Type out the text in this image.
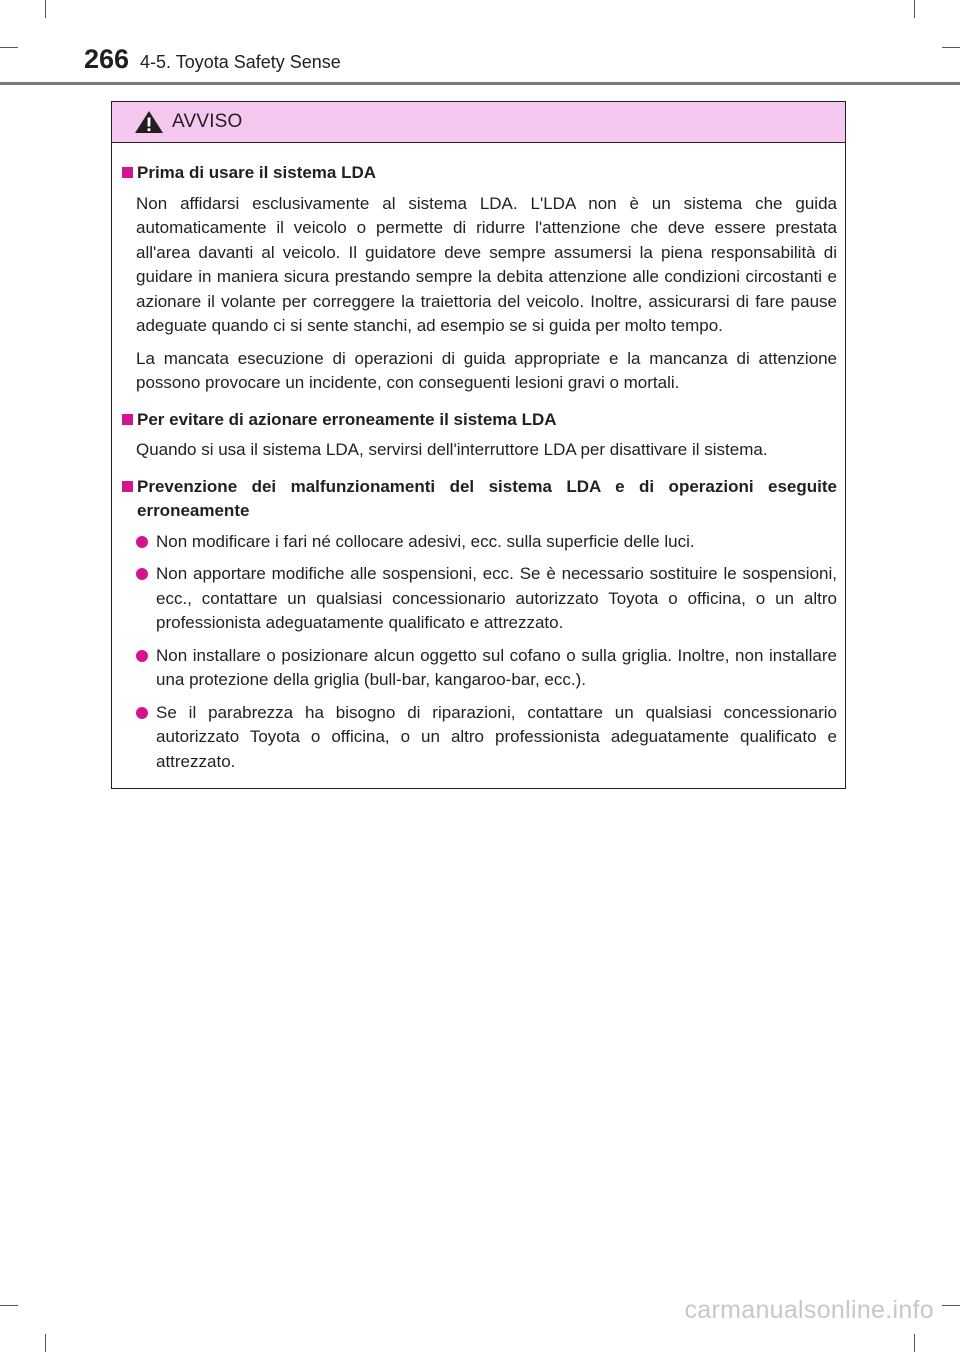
266 4-5. Toyota Safety Sense
AVVISO
Prima di usare il sistema LDA

Non affidarsi esclusivamente al sistema LDA. L'LDA non è un sistema che guida automaticamente il veicolo o permette di ridurre l'attenzione che deve essere prestata all'area davanti al veicolo. Il guidatore deve sempre assumersi la piena responsabilità di guidare in maniera sicura prestando sempre la debita attenzione alle condizioni circostanti e azionare il volante per correggere la traiettoria del veicolo. Inoltre, assicurarsi di fare pause adeguate quando ci si sente stanchi, ad esempio se si guida per molto tempo.

La mancata esecuzione di operazioni di guida appropriate e la mancanza di attenzione possono provocare un incidente, con conseguenti lesioni gravi o mortali.

Per evitare di azionare erroneamente il sistema LDA

Quando si usa il sistema LDA, servirsi dell'interruttore LDA per disattivare il sistema.

Prevenzione dei malfunzionamenti del sistema LDA e di operazioni eseguite erroneamente
Non modificare i fari né collocare adesivi, ecc. sulla superficie delle luci.
Non apportare modifiche alle sospensioni, ecc. Se è necessario sostituire le sospensioni, ecc., contattare un qualsiasi concessionario autorizzato Toyota o officina, o un altro professionista adeguatamente qualificato e attrezzato.
Non installare o posizionare alcun oggetto sul cofano o sulla griglia. Inoltre, non installare una protezione della griglia (bull-bar, kangaroo-bar, ecc.).
Se il parabrezza ha bisogno di riparazioni, contattare un qualsiasi concessionario autorizzato Toyota o officina, o un altro professionista adeguatamente qualificato e attrezzato.
carmanualsonline.info
